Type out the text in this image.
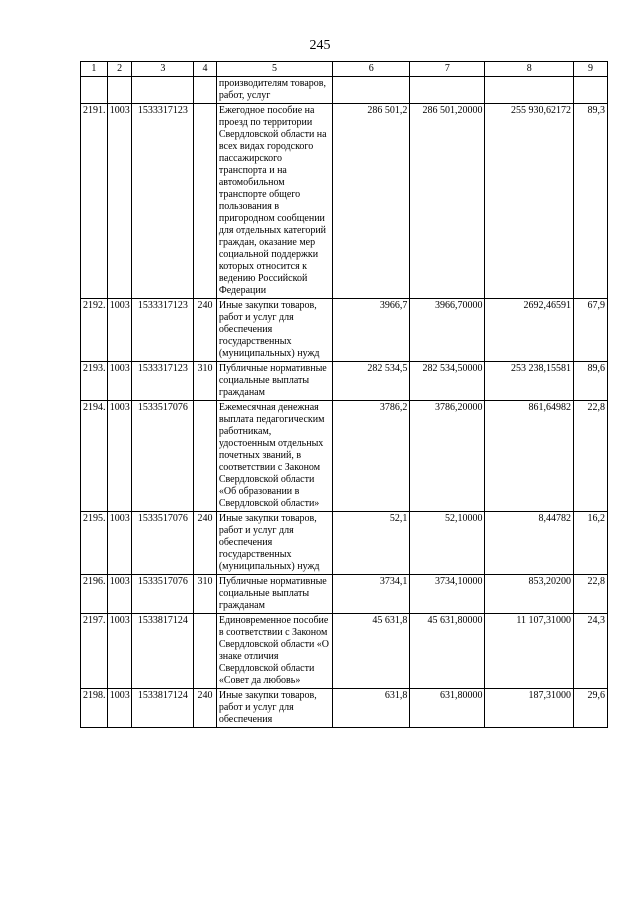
245
1	2	3	4	5	6	7	8	9
				производителям товаров, работ, услуг				
2191.	1003	1533317123		Ежегодное пособие на проезд по территории Свердловской области на всех видах городского пассажирского транспорта и на автомобильном транспорте общего пользования в пригородном сообщении для отдельных категорий граждан, оказание мер социальной поддержки которых относится к ведению Российской Федерации	286 501,2	286 501,20000	255 930,62172	89,3
2192.	1003	1533317123	240	Иные закупки товаров, работ и услуг для обеспечения государственных (муниципальных) нужд	3966,7	3966,70000	2692,46591	67,9
2193.	1003	1533317123	310	Публичные нормативные социальные выплаты гражданам	282 534,5	282 534,50000	253 238,15581	89,6
2194.	1003	1533517076		Ежемесячная денежная выплата педагогическим работникам, удостоенным отдельных почетных званий, в соответствии с Законом Свердловской области «Об образовании в Свердловской области»	3786,2	3786,20000	861,64982	22,8
2195.	1003	1533517076	240	Иные закупки товаров, работ и услуг для обеспечения государственных (муниципальных) нужд	52,1	52,10000	8,44782	16,2
2196.	1003	1533517076	310	Публичные нормативные социальные выплаты гражданам	3734,1	3734,10000	853,20200	22,8
2197.	1003	1533817124		Единовременное пособие в соответствии с Законом Свердловской области «О знаке отличия Свердловской области «Совет да любовь»	45 631,8	45 631,80000	11 107,31000	24,3
2198.	1003	1533817124	240	Иные закупки товаров, работ и услуг для обеспечения	631,8	631,80000	187,31000	29,6
